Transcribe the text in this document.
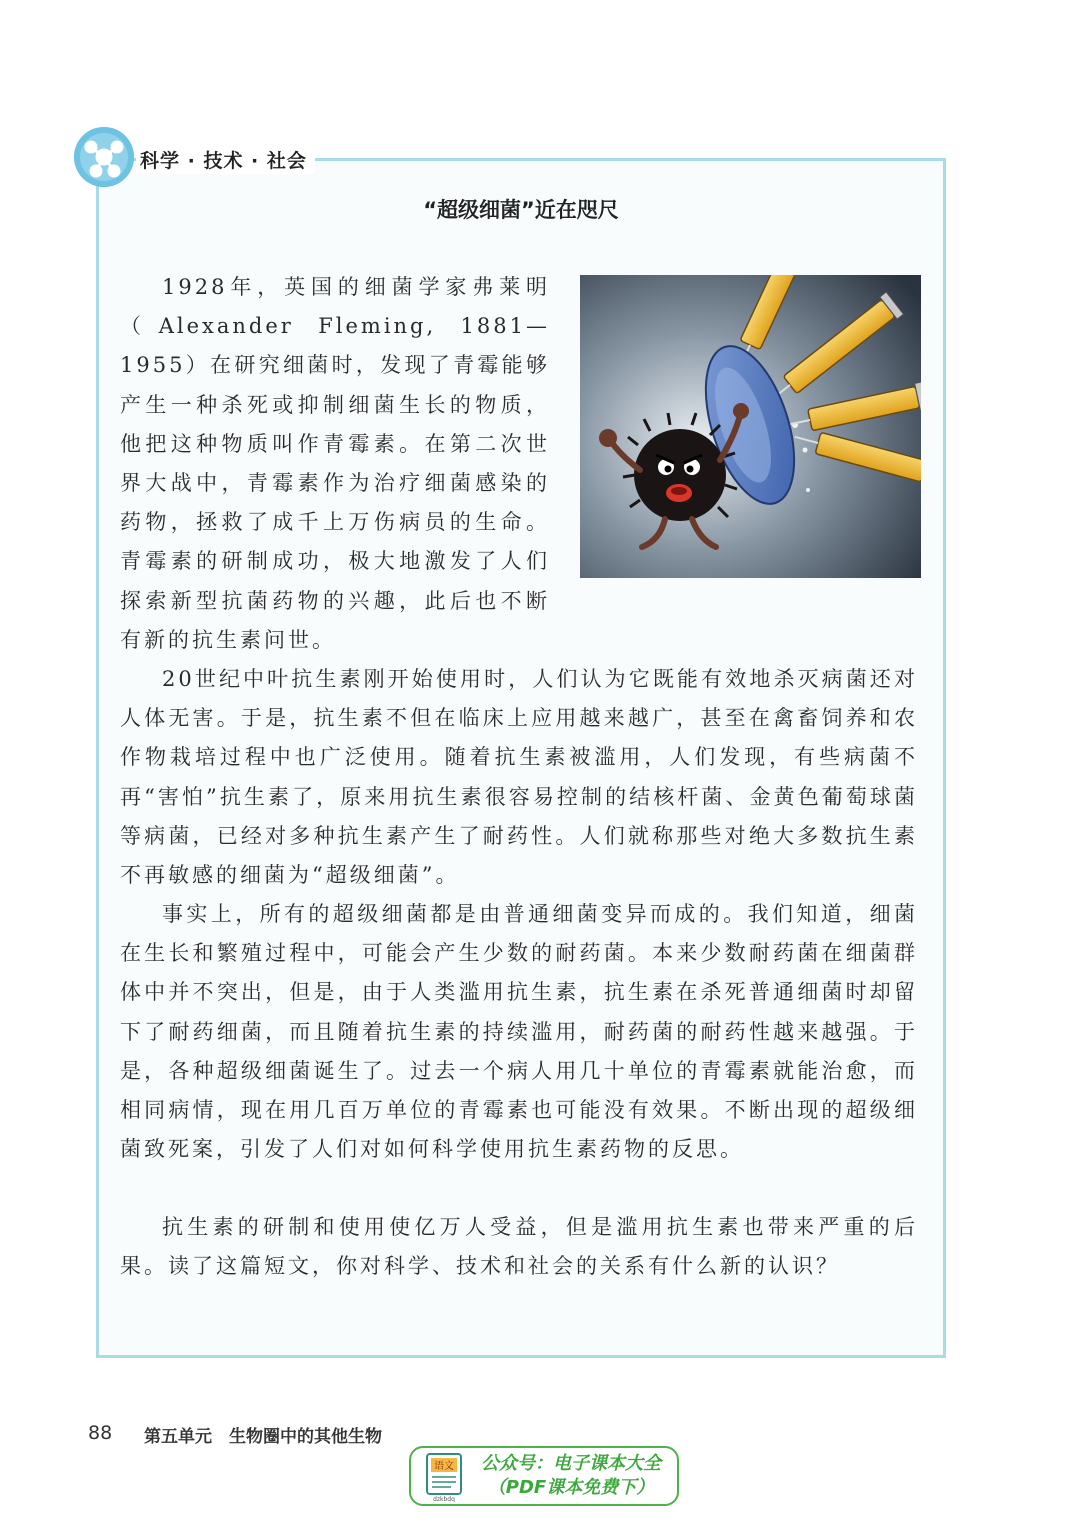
科学 · 技术 · 社会
“超级细菌”近在咫尺

1928年，英国的细菌学家弗莱明（Alexander Fleming, 1881—1955）在研究细菌时，发现了青霉能够产生一种杀死或抑制细菌生长的物质，他把这种物质叫作青霉素。在第二次世界大战中，青霉素作为治疗细菌感染的药物，拯救了成千上万伤病员的生命。青霉素的研制成功，极大地激发了人们探索新型抗菌药物的兴趣，此后也不断有新的抗生素问世。

20世纪中叶抗生素刚开始使用时，人们认为它既能有效地杀灭病菌还对人体无害。于是，抗生素不但在临床上应用越来越广，甚至在禽畜饲养和农作物栽培过程中也广泛使用。随着抗生素被滥用，人们发现，有些病菌不再“害怕”抗生素了，原来用抗生素很容易控制的结核杆菌、金黄色葡萄球菌等病菌，已经对多种抗生素产生了耐药性。人们就称那些对绝大多数抗生素不再敏感的细菌为“超级细菌”。

事实上，所有的超级细菌都是由普通细菌变异而成的。我们知道，细菌在生长和繁殖过程中，可能会产生少数的耐药菌。本来少数耐药菌在细菌群体中并不突出，但是，由于人类滥用抗生素，抗生素在杀死普通细菌时却留下了耐药细菌，而且随着抗生素的持续滥用，耐药菌的耐药性越来越强。于是，各种超级细菌诞生了。过去一个病人用几十单位的青霉素就能治愈，而相同病情，现在用几百万单位的青霉素也可能没有效果。不断出现的超级细菌致死案，引发了人们对如何科学使用抗生素药物的反思。

抗生素的研制和使用使亿万人受益，但是滥用抗生素也带来严重的后果。读了这篇短文，你对科学、技术和社会的关系有什么新的认识？

88 第五单元　生物圈中的其他生物
语文
dzkbdq
公众号：电子课本大全
（PDF课本免费下）
